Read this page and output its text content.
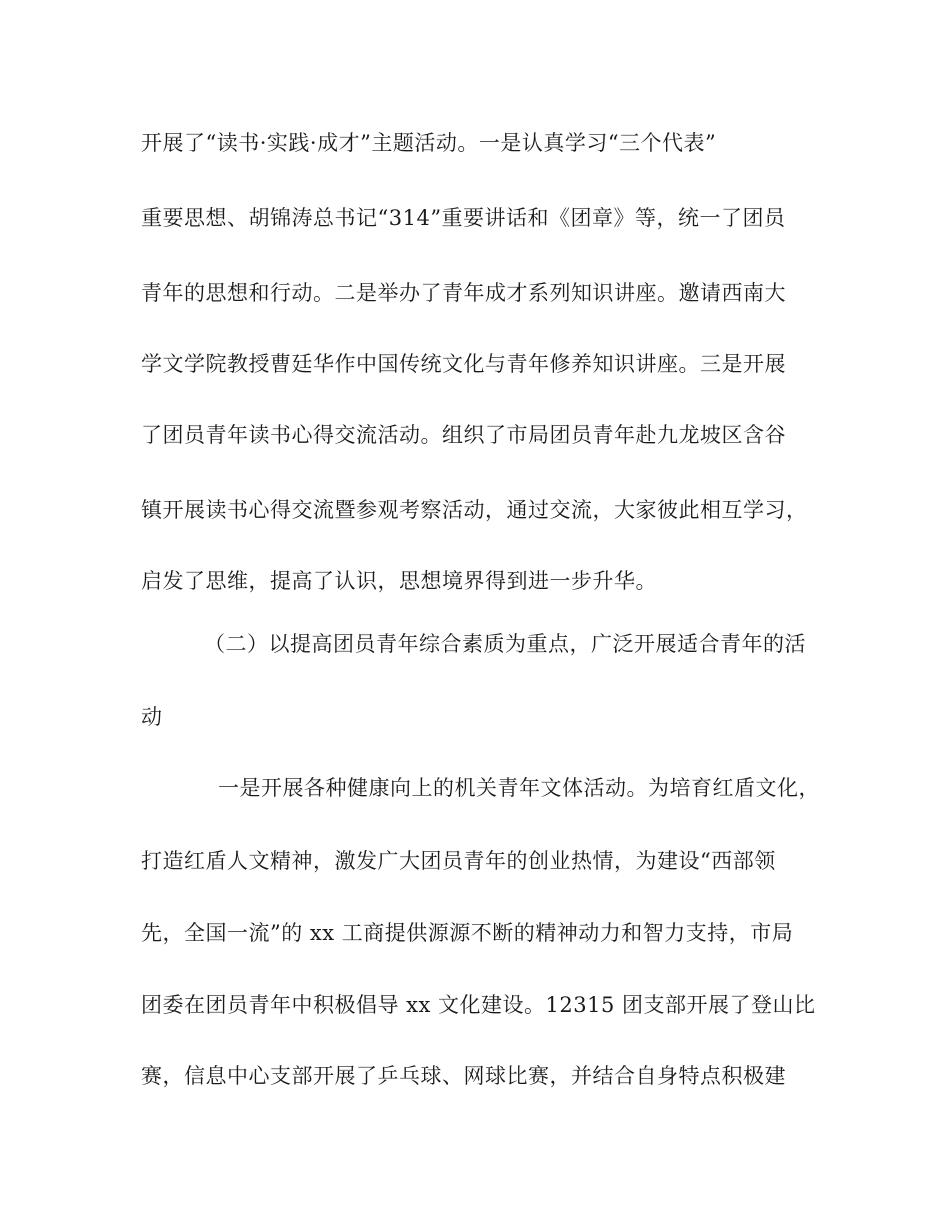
开展了“读书·实践·成才”主题活动。一是认真学习“三个代表”
重要思想、胡锦涛总书记“314”重要讲话和《团章》等，统一了团员
青年的思想和行动。二是举办了青年成才系列知识讲座。邀请西南大
学文学院教授曹廷华作中国传统文化与青年修养知识讲座。三是开展
了团员青年读书心得交流活动。组织了市局团员青年赴九龙坡区含谷
镇开展读书心得交流暨参观考察活动，通过交流，大家彼此相互学习，
启发了思维，提高了认识，思想境界得到进一步升华。
（二）以提高团员青年综合素质为重点，广泛开展适合青年的活
动
一是开展各种健康向上的机关青年文体活动。为培育红盾文化，
打造红盾人文精神，激发广大团员青年的创业热情，为建设“西部领
先，全国一流”的 xx 工商提供源源不断的精神动力和智力支持，市局
团委在团员青年中积极倡导 xx 文化建设。12315 团支部开展了登山比
赛，信息中心支部开展了乒乓球、网球比赛，并结合自身特点积极建
